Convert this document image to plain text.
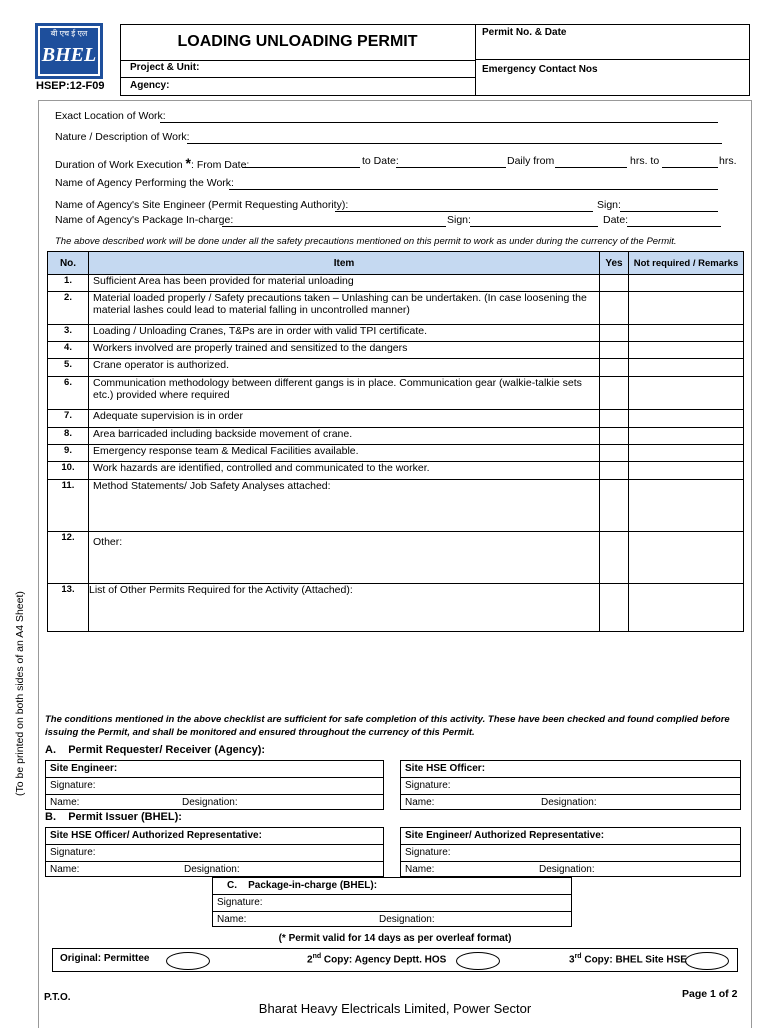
बी एच ई एल
BHEL
HSEP:12-F09
LOADING UNLOADING PERMIT
Permit No. & Date
Project & Unit:
Agency:
Emergency Contact Nos
(To be printed on both sides of an A4 Sheet)
Exact Location of Work:
Nature / Description of Work:
Duration of Work Execution *: From Date:	to Date:	Daily from	hrs. to	hrs.
Name of Agency Performing the Work:
Name of Agency's Site Engineer (Permit Requesting Authority):	Sign:
Name of Agency's Package In-charge:	Sign:	Date:
The above described work will be done under all the safety precautions mentioned on this permit to work as under during the currency of the Permit.
No.	Item	Yes	Not required / Remarks
1.	Sufficient Area has been provided for material unloading		
2.	Material loaded properly / Safety precautions taken – Unlashing can be undertaken. (In case loosening the material lashes could lead to material falling in uncontrolled manner)		
3.	Loading / Unloading Cranes, T&Ps are in order with valid TPI certificate.		
4.	Workers involved are properly trained and sensitized to the dangers		
5.	Crane operator is authorized.		
6.	Communication methodology between different gangs is in place. Communication gear (walkie-talkie sets etc.) provided where required		
7.	Adequate supervision is in order		
8.	Area barricaded including backside movement of crane.		
9.	Emergency response team & Medical Facilities available.		
10.	Work hazards are identified, controlled and communicated to the worker.		
11.	Method Statements/ Job Safety Analyses attached:		
12.	Other:		
13.	List of Other Permits Required for the Activity (Attached):		
The conditions mentioned in the above checklist are sufficient for safe completion of this activity. These have been checked and found complied before issuing the Permit, and shall be monitored and ensured throughout the currency of this Permit.
A.    Permit Requester/ Receiver (Agency):
Site Engineer:
Signature:
Name:	Designation:
Site HSE Officer:
Signature:
Name:	Designation:
B.    Permit Issuer (BHEL):
Site HSE Officer/ Authorized Representative:
Signature:
Name:	Designation:
Site Engineer/ Authorized Representative:
Signature:
Name:	Designation:
C.    Package-in-charge (BHEL):
Signature:
Name:	Designation:
(* Permit valid for 14 days as per overleaf format)
Original: Permittee	2nd Copy: Agency Deptt. HOS	3rd Copy: BHEL Site HSE
P.T.O.	Page 1 of 2
Bharat Heavy Electricals Limited, Power Sector
